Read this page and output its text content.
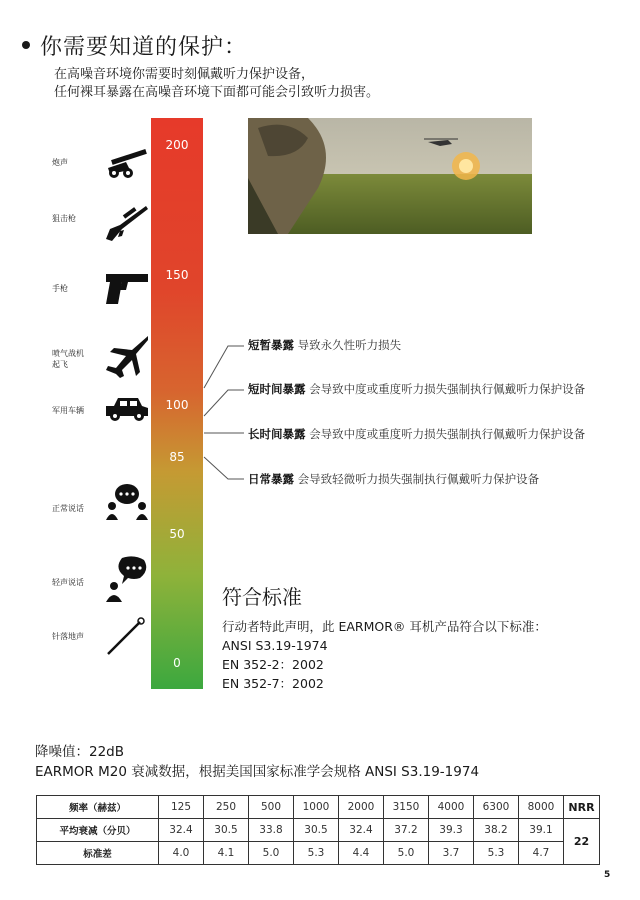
你需要知道的保护：
在高噪音环境你需要时刻佩戴听力保护设备，
任何裸耳暴露在高噪音环境下面都可能会引致听力损害。
200
150
100
85
50
0
炮声
狙击枪
手枪
喷气战机起飞
军用车辆
正常说话
轻声说话
针落地声
短暂暴露 导致永久性听力损失
短时间暴露 会导致中度或重度听力损失强制执行佩戴听力保护设备
长时间暴露 会导致中度或重度听力损失强制执行佩戴听力保护设备
日常暴露 会导致轻微听力损失强制执行佩戴听力保护设备
符合标准
行动者特此声明，此 EARMOR® 耳机产品符合以下标准：
ANSI S3.19-1974
EN 352-2：2002
EN 352-7：2002
降噪值：22dB
EARMOR M20 衰减数据，根据美国国家标准学会规格 ANSI S3.19-1974
频率（赫兹）	125	250	500	1000	2000	3150	4000	6300	8000	NRR
平均衰减（分贝）	32.4	30.5	33.8	30.5	32.4	37.2	39.3	38.2	39.1	22
标准差	4.0	4.1	5.0	5.3	4.4	5.0	3.7	5.3	4.7	
5
